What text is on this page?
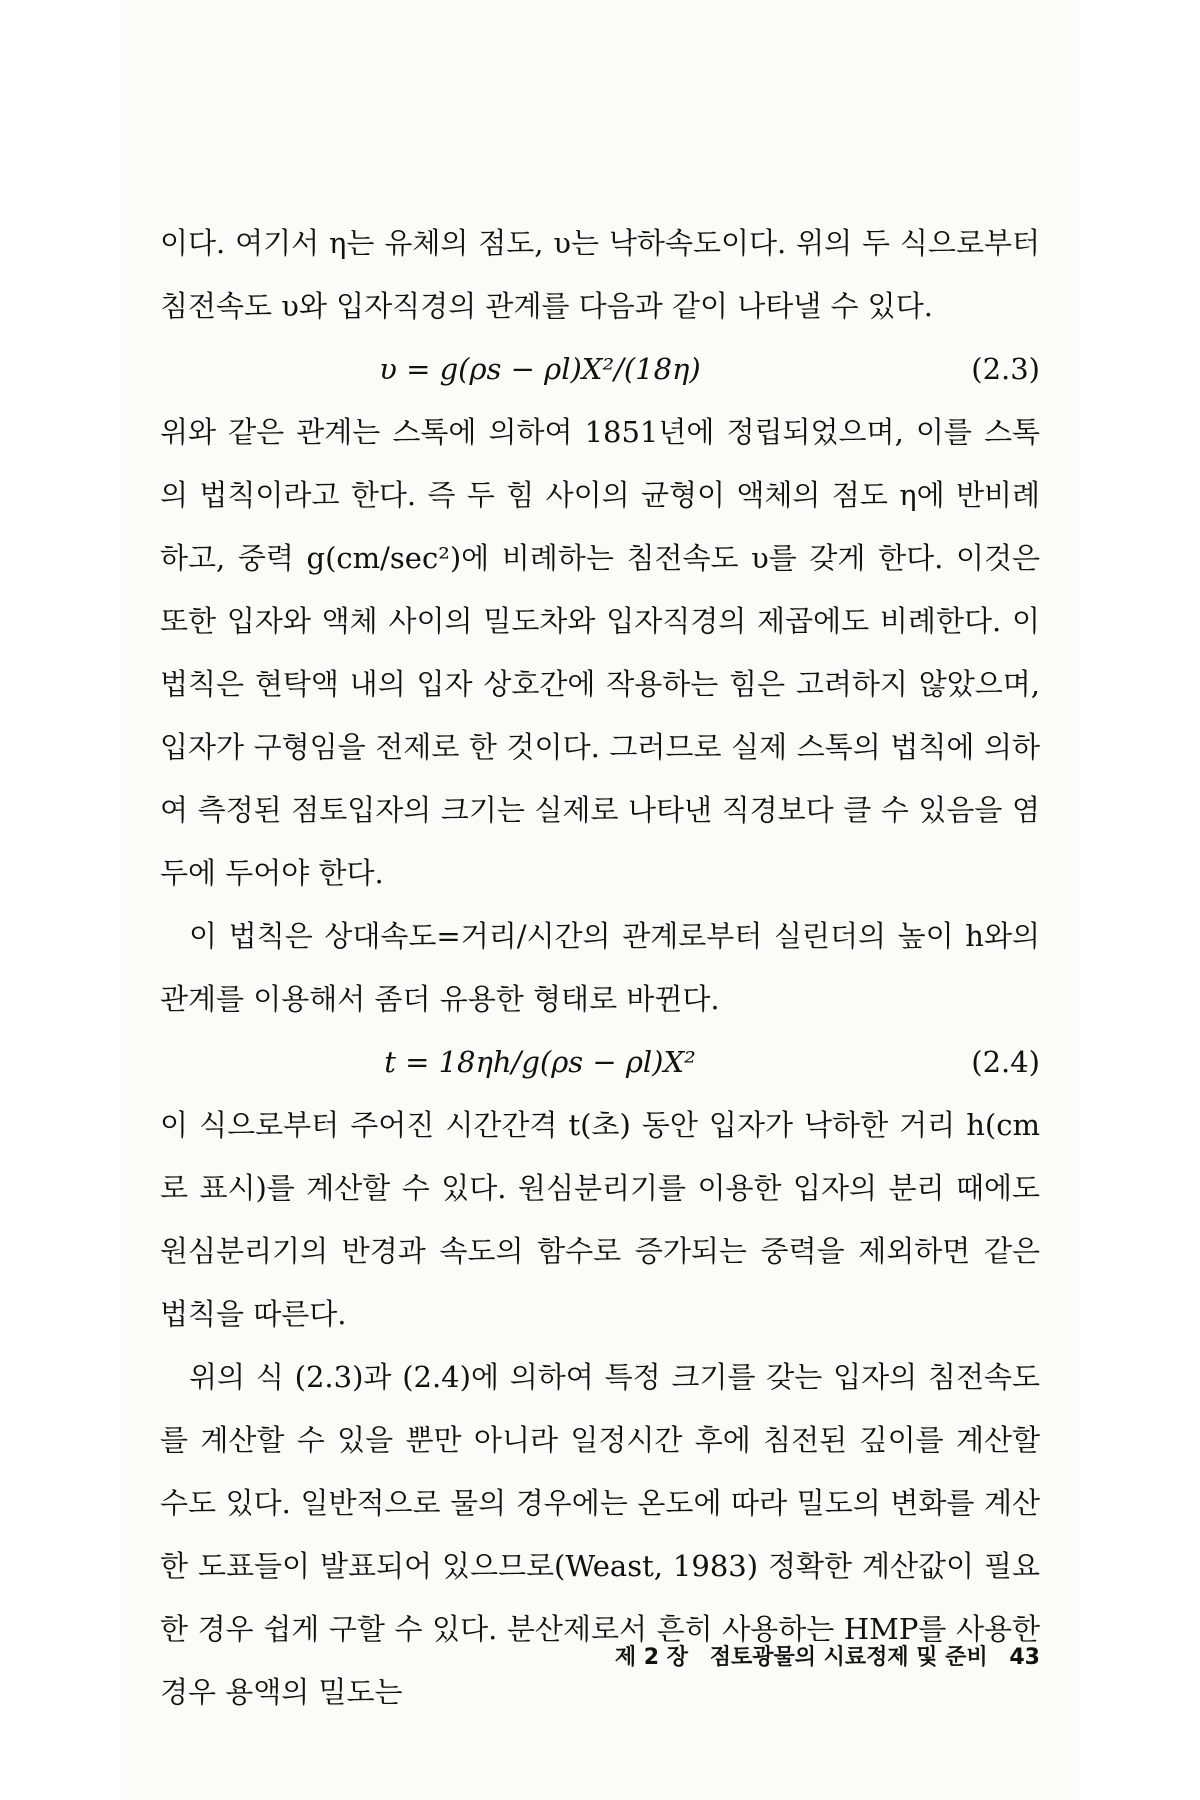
이다. 여기서 η는 유체의 점도, υ는 낙하속도이다. 위의 두 식으로부터 침전속도 υ와 입자직경의 관계를 다음과 같이 나타낼 수 있다.

υ = g(ρs − ρl)X²/(18η)	(2.3)

위와 같은 관계는 스톡에 의하여 1851년에 정립되었으며, 이를 스톡의 법칙이라고 한다. 즉 두 힘 사이의 균형이 액체의 점도 η에 반비례하고, 중력 g(cm/sec²)에 비례하는 침전속도 υ를 갖게 한다. 이것은 또한 입자와 액체 사이의 밀도차와 입자직경의 제곱에도 비례한다. 이 법칙은 현탁액 내의 입자 상호간에 작용하는 힘은 고려하지 않았으며, 입자가 구형임을 전제로 한 것이다. 그러므로 실제 스톡의 법칙에 의하여 측정된 점토입자의 크기는 실제로 나타낸 직경보다 클 수 있음을 염두에 두어야 한다.

이 법칙은 상대속도=거리/시간의 관계로부터 실린더의 높이 h와의 관계를 이용해서 좀더 유용한 형태로 바뀐다.

t = 18ηh/g(ρs − ρl)X²	(2.4)

이 식으로부터 주어진 시간간격 t(초) 동안 입자가 낙하한 거리 h(cm로 표시)를 계산할 수 있다. 원심분리기를 이용한 입자의 분리 때에도 원심분리기의 반경과 속도의 함수로 증가되는 중력을 제외하면 같은 법칙을 따른다.

위의 식 (2.3)과 (2.4)에 의하여 특정 크기를 갖는 입자의 침전속도를 계산할 수 있을 뿐만 아니라 일정시간 후에 침전된 깊이를 계산할 수도 있다. 일반적으로 물의 경우에는 온도에 따라 밀도의 변화를 계산한 도표들이 발표되어 있으므로(Weast, 1983) 정확한 계산값이 필요한 경우 쉽게 구할 수 있다. 분산제로서 흔히 사용하는 HMP를 사용한 경우 용액의 밀도는

제 2 장 점토광물의 시료정제 및 준비 43
